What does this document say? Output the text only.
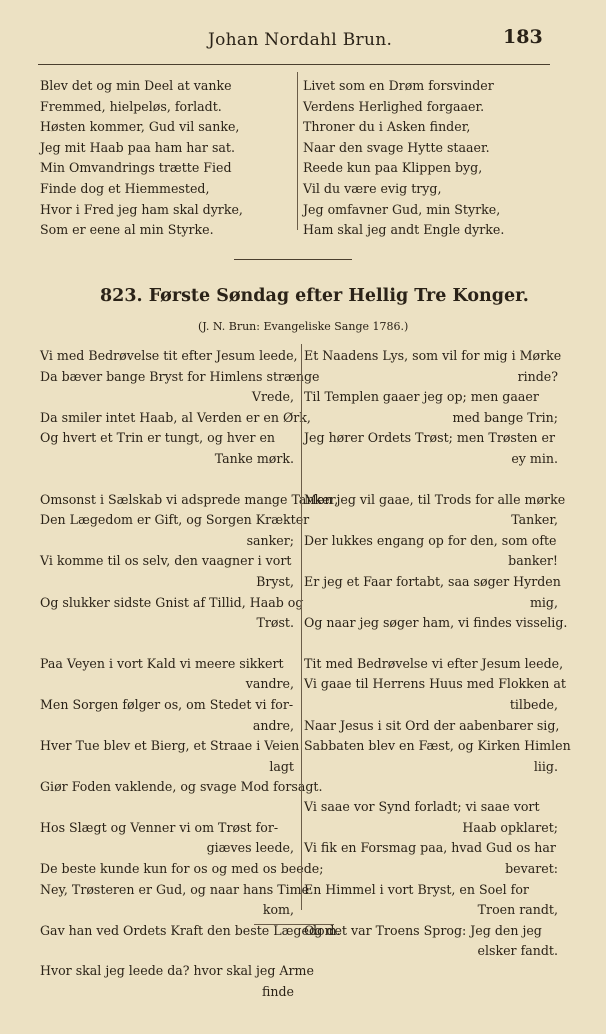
Johan Nordahl Brun.	183

Blev det og min Deel at vanke

Fremmed, hielpeløs, forladt.

Høsten kommer, Gud vil sanke,

Jeg mit Haab paa ham har sat.

Min Omvandrings trætte Fied

Finde dog et Hiemmested,

Hvor i Fred jeg ham skal dyrke,

Som er eene al min Styrke.

Livet som en Drøm forsvinder

Verdens Herlighed forgaaer.

Throner du i Asken finder,

Naar den svage Hytte staaer.

Reede kun paa Klippen byg,

Vil du være evig tryg,

Jeg omfavner Gud, min Styrke,

Ham skal jeg andt Engle dyrke.

823. Første Søndag efter Hellig Tre Konger.
(J. N. Brun: Evangeliske Sange 1786.)

Vi med Bedrøvelse tit efter Jesum leede,

Da bæver bange Bryst for Himlens strænge

Vrede,

Da smiler intet Haab, al Verden er en Ørk,

Og hvert et Trin er tungt, og hver en

Tanke mørk.

Omsonst i Sælskab vi adsprede mange Tanker,

Den Lægedom er Gift, og Sorgen Krækter

sanker;

Vi komme til os selv, den vaagner i vort

Bryst,

Og slukker sidste Gnist af Tillid, Haab og

Trøst.

Paa Veyen i vort Kald vi meere sikkert

vandre,

Men Sorgen følger os, om Stedet vi for-

andre,

Hver Tue blev et Bierg, et Straae i Veien

lagt

Giør Foden vaklende, og svage Mod forsagt.

Hos Slægt og Venner vi om Trøst for-

giæves leede,

De beste kunde kun for os og med os beede;

Ney, Trøsteren er Gud, og naar hans Time

kom,

Gav han ved Ordets Kraft den beste Lægedom.

Hvor skal jeg leede da? hvor skal jeg Arme

finde

Et Naadens Lys, som vil for mig i Mørke

rinde?

Til Templen gaaer jeg op; men gaaer

med bange Trin;

Jeg hører Ordets Trøst; men Trøsten er

ey min.

Men jeg vil gaae, til Trods for alle mørke

Tanker,

Der lukkes engang op for den, som ofte

banker!

Er jeg et Faar fortabt, saa søger Hyrden

mig,

Og naar jeg søger ham, vi findes visselig.

Tit med Bedrøvelse vi efter Jesum leede,

Vi gaae til Herrens Huus med Flokken at

tilbede,

Naar Jesus i sit Ord der aabenbarer sig,

Sabbaten blev en Fæst, og Kirken Himlen

liig.

Vi saae vor Synd forladt; vi saae vort

Haab opklaret;

Vi fik en Forsmag paa, hvad Gud os har

bevaret:

En Himmel i vort Bryst, en Soel for

Troen randt,

Og det var Troens Sprog: Jeg den jeg

elsker fandt.
